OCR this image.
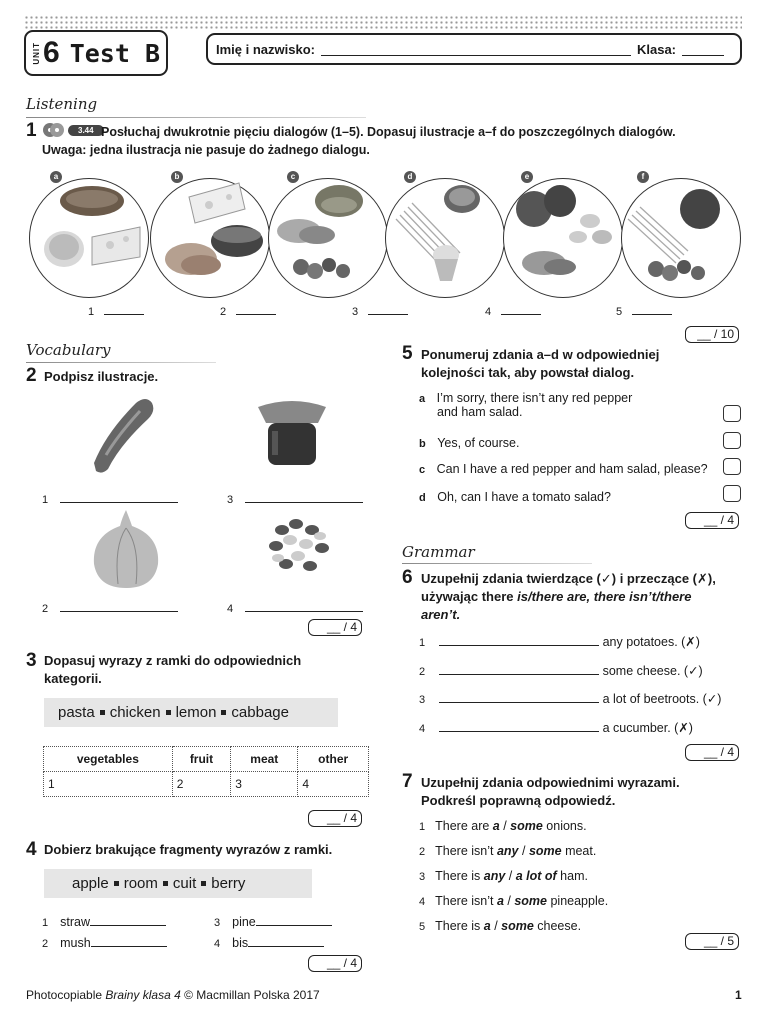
UNIT 6 Test B	Imię i nazwisko:	Klasa:
Listening
1	3.44 Posłuchaj dwukrotnie pięciu dialogów (1–5). Dopasuj ilustracje a–f do poszczególnych dialogów.
Uwaga: jedna ilustracja nie pasuje do żadnego dialogu.
a	b	c	d	e	f
1	2	3	4	5
__ / 10
Vocabulary
2 Podpisz ilustracje.
1	3
2	4
__ / 4
3 Dopasuj wyrazy z ramki do odpowiednich
kategorii.
pasta chicken lemon cabbage
vegetables	fruit	meat	other
1	2	3	4
__ / 4
4 Dobierz brakujące fragmenty wyrazów z ramki.
apple room cuit berry
1 straw
2 mush
3 pine
4 bis
__ / 4
5 Ponumeruj zdania a–d w odpowiedniej
kolejności tak, aby powstał dialog.
a I’m sorry, there isn’t any red pepper
and ham salad.
b Yes, of course.
c Can I have a red pepper and ham salad, please?
d Oh, can I have a tomato salad?
__ / 4
Grammar
6 Uzupełnij zdania twierdzące (✓) i przeczące (✗),
używając there is/there are, there isn’t/there
aren’t.
1	any potatoes. (✗)
2	some cheese. (✓)
3	a lot of beetroots. (✓)
4	a cucumber. (✗)
__ / 4
7 Uzupełnij zdania odpowiednimi wyrazami.
Podkreśl poprawną odpowiedź.
1 There are a / some onions.
2 There isn’t any / some meat.
3 There is any / a lot of ham.
4 There isn’t a / some pineapple.
5 There is a / some cheese.
__ / 5
Photocopiable Brainy klasa 4 © Macmillan Polska 2017	1
